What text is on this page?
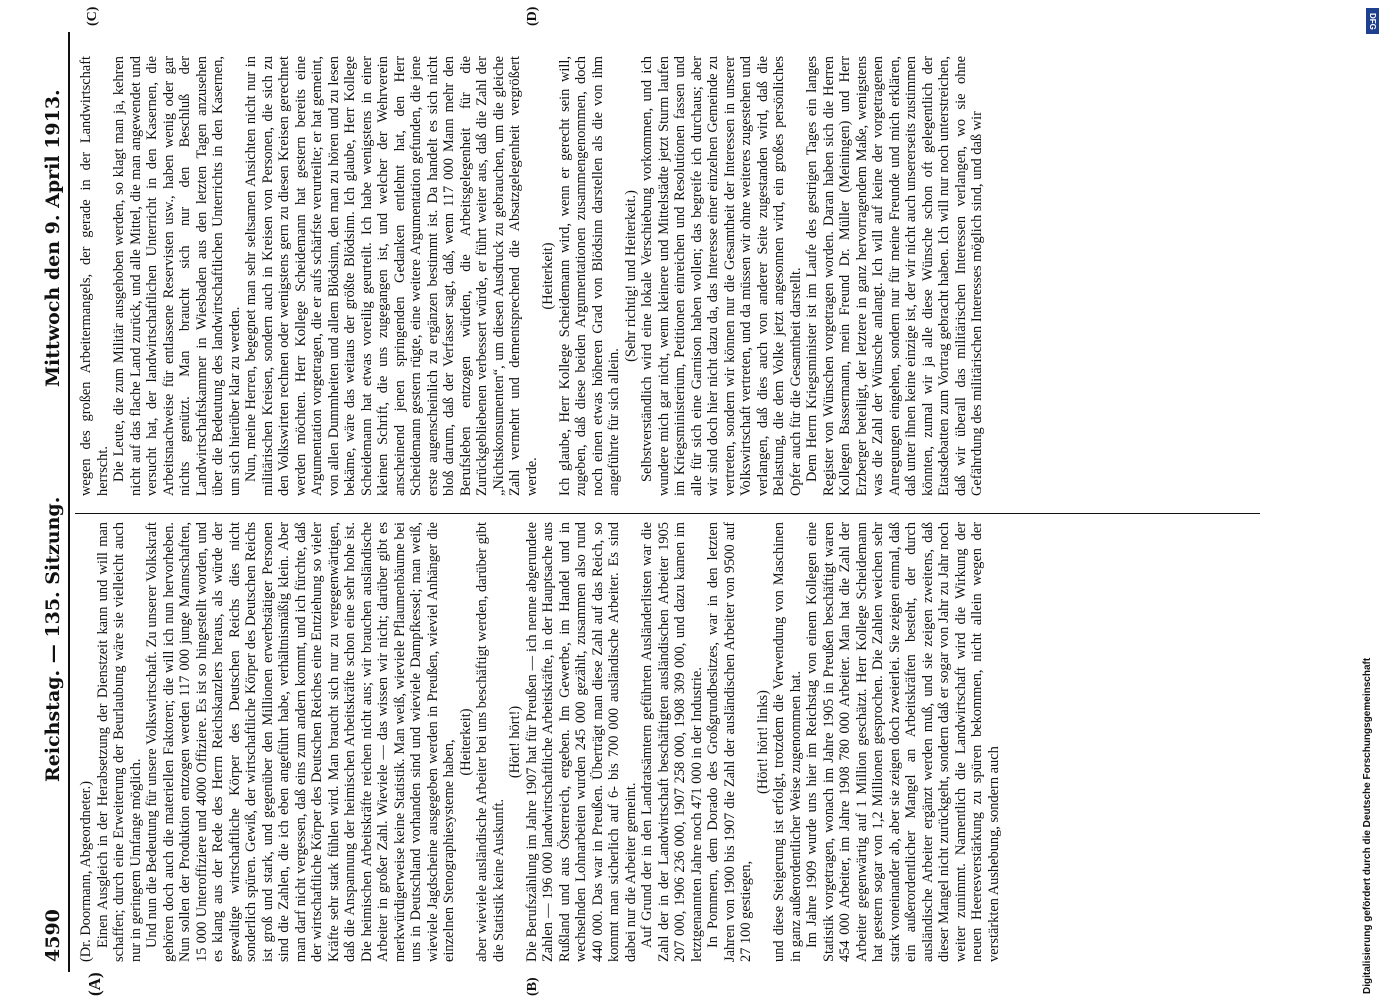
4590
Reichstag. — 135. Sitzung.
Mittwoch den 9. April 1913.
(A)	(B)
(C)	(D)

(Dr. Doormann, Abgeordneter.) Einen Ausgleich in der Herabsetzung der Dienstzeit kann und will man schaffen; durch eine Erweiterung der Beurlaubung wäre sie vielleicht auch nur in geringem Umfange möglich. Und nun die Bedeutung für unsere Volkswirtschaft. Zu unserer Volkskraft gehören doch auch die materiellen Faktoren; die will ich nun hervorheben. Nun sollen der Produktion entzogen werden 117 000 junge Mannschaften, 15 000 Unteroffiziere und 4000 Offiziere. Es ist so hingestellt worden, und es klang aus der Rede des Herrn Reichskanzlers heraus, als würde der gewaltige wirtschaftliche Körper des Deutschen Reichs dies nicht sonderlich spüren. Gewiß, der wirtschaftliche Körper des Deutschen Reichs ist groß und stark, und gegenüber den Millionen erwerbstätiger Personen sind die Zahlen, die ich eben angeführt habe, verhältnismäßig klein. Aber man darf nicht vergessen, daß eins zum andern kommt, und ich fürchte, daß der wirtschaftliche Körper des Deutschen Reiches eine Entziehung so vieler Kräfte sehr stark fühlen wird. Man braucht sich nur zu vergegenwärtigen, daß die Anspannung der heimischen Arbeitskräfte schon eine sehr hohe ist. Die heimischen Arbeitskräfte reichen nicht aus; wir brauchen ausländische Arbeiter in großer Zahl. Wieviele — das wissen wir nicht; darüber gibt es merkwürdigerweise keine Statistik. Man weiß, wieviele Pflaumenbäume bei uns in Deutschland vorhanden sind und wieviele Dampfkessel; man weiß, wieviele Jagdscheine ausgegeben werden in Preußen, wieviel Anhänger die einzelnen Stenographiesysteme haben, (Heiterkeit) aber wieviele ausländische Arbeiter bei uns beschäftigt werden, darüber gibt die Statistik keine Auskunft.

(Hört! hört!) Die Berufszählung im Jahre 1907 hat für Preußen — ich nenne abgerundete Zahlen — 196 000 landwirtschaftliche Arbeitskräfte, in der Hauptsache aus Rußland und aus Österreich, ergeben. Im Gewerbe, im Handel und in wechselnden Lohnarbeiten wurden 245 000 gezählt, zusammen also rund 440 000. Das war in Preußen. Überträgt man diese Zahl auf das Reich, so kommt man sicherlich auf 6- bis 700 000 ausländische Arbeiter. Es sind dabei nur die Arbeiter gemeint. Auf Grund der in den Landratsämtern geführten Ausländerlisten war die Zahl der in der Landwirtschaft beschäftigten ausländischen Arbeiter 1905 207 000, 1906 236 000, 1907 258 000, 1908 309 000, und dazu kamen im letztgenannten Jahre noch 471 000 in der Industrie. In Pommern, dem Dorado des Großgrundbesitzes, war in den letzten Jahren von 1900 bis 1907 die Zahl der ausländischen Arbeiter von 9500 auf 27 100 gestiegen,

(Hört! hört! links) und diese Steigerung ist erfolgt, trotzdem die Verwendung von Maschinen in ganz außerordentlicher Weise zugenommen hat. Im Jahre 1909 wurde uns hier im Reichstag von einem Kollegen eine Statistik vorgetragen, wonach im Jahre 1905 in Preußen beschäftigt waren 454 000 Arbeiter, im Jahre 1908 780 000 Arbeiter. Man hat die Zahl der Arbeiter gegenwärtig auf 1 Million geschätzt. Herr Kollege Scheidemann hat gestern sogar von 1,2 Millionen gesprochen. Die Zahlen weichen sehr stark voneinander ab, aber sie zeigen doch zweierlei. Sie zeigen einmal, daß ein außerordentlicher Mangel an Arbeitskräften besteht, der durch ausländische Arbeiter ergänzt werden muß, und sie zeigen zweitens, daß dieser Mangel nicht zurückgeht, sondern daß er sogar von Jahr zu Jahr noch weiter zunimmt. Namentlich die Landwirtschaft wird die Wirkung der neuen Heeresverstärkung zu spüren bekommen, nicht allein wegen der verstärkten Aushebung, sondern auch

wegen des großen Arbeitermangels, der gerade in der Landwirtschaft herrscht. Die Leute, die zum Militär ausgehoben werden, so klagt man ja, kehren nicht auf das flache Land zurück, und alle Mittel, die man angewendet und versucht hat, der landwirtschaftlichen Unterricht in den Kasernen, die Arbeitsnachweise für entlassene Reservisten usw., haben wenig oder gar nichts genützt. Man braucht sich nur den Beschluß der Landwirtschaftskammer in Wiesbaden aus den letzten Tagen anzusehen über die Bedeutung des landwirtschaftlichen Unterrichts in den Kasernen, um sich hierüber klar zu werden. Nun, meine Herren, begegnet man sehr seltsamen Ansichten nicht nur in militärischen Kreisen, sondern auch in Kreisen von Personen, die sich zu den Volkswirten rechnen oder wenigstens gern zu diesen Kreisen gerechnet werden möchten. Herr Kollege Scheidemann hat gestern bereits eine Argumentation vorgetragen, die er aufs schärfste verurteilte; er hat gemeint, von allen Dummheiten und allem Blödsinn, den man zu hören und zu lesen bekäme, wäre das weitaus der größte Blödsinn. Ich glaube, Herr Kollege Scheidemann hat etwas voreilig geurteilt. Ich habe wenigstens in einer kleinen Schrift, die uns zugegangen ist, und welcher der Wehrverein anscheinend jenen springenden Gedanken entlehnt hat, den Herr Scheidemann gestern rügte, eine weitere Argumentation gefunden, die jene erste augenscheinlich zu ergänzen bestimmt ist. Da handelt es sich nicht bloß darum, daß der Verfasser sagt, daß, wenn 117 000 Mann mehr den Berufsleben entzogen würden, die Arbeitsgelegenheit für die Zurückgebliebenen verbessert würde, er führt weiter aus, daß die Zahl der „Nichtskonsumenten“, um diesen Ausdruck zu gebrauchen, um die gleiche Zahl vermehrt und dementsprechend die Absatzgelegenheit vergrößert werde.

(Heiterkeit) Ich glaube, Herr Kollege Scheidemann wird, wenn er gerecht sein will, zugeben, daß diese beiden Argumentationen zusammengenommen, doch noch einen etwas höheren Grad von Blödsinn darstellen als die von ihm angeführte für sich allein.

(Sehr richtig! und Heiterkeit.) Selbstverständlich wird eine lokale Verschiebung vorkommen, und ich wundere mich gar nicht, wenn kleinere und Mittelstädte jetzt Sturm laufen im Kriegsministerium, Petitionen einreichen und Resolutionen fassen und alle für sich eine Garnison haben wollen; das begreife ich durchaus; aber wir sind doch hier nicht dazu da, das Interesse einer einzelnen Gemeinde zu vertreten, sondern wir können nur die Gesamtheit der Interessen in unserer Volkswirtschaft vertreten, und da müssen wir ohne weiteres zugestehen und verlangen, daß dies auch von anderer Seite zugestanden wird, daß die Belastung, die dem Volke jetzt angesonnen wird, ein großes persönliches Opfer auch für die Gesamtheit darstellt. Dem Herrn Kriegsminister ist im Laufe des gestrigen Tages ein langes Register von Wünschen vorgetragen worden. Daran haben sich die Herren Kollegen Bassermann, mein Freund Dr. Müller (Meiningen) und Herr Erzberger beteiligt, der letztere in ganz hervorragendem Maße, wenigstens was die Zahl der Wünsche anlangt. Ich will auf keine der vorgetragenen Anregungen eingehen, sondern nur für meine Freunde und mich erklären, daß unter ihnen keine einzige ist, der wir nicht auch unsererseits zustimmen könnten, zumal wir ja alle diese Wünsche schon oft gelegentlich der Etatsdebatten zum Vortrag gebracht haben. Ich will nur noch unterstreichen, daß wir überall das militärischen Interessen verlangen, wo sie ohne Gefährdung des militärischen Interesses möglich sind, und daß wir

Digitalisierung gefördert durch die Deutsche Forschungsgemeinschaft
DFG
